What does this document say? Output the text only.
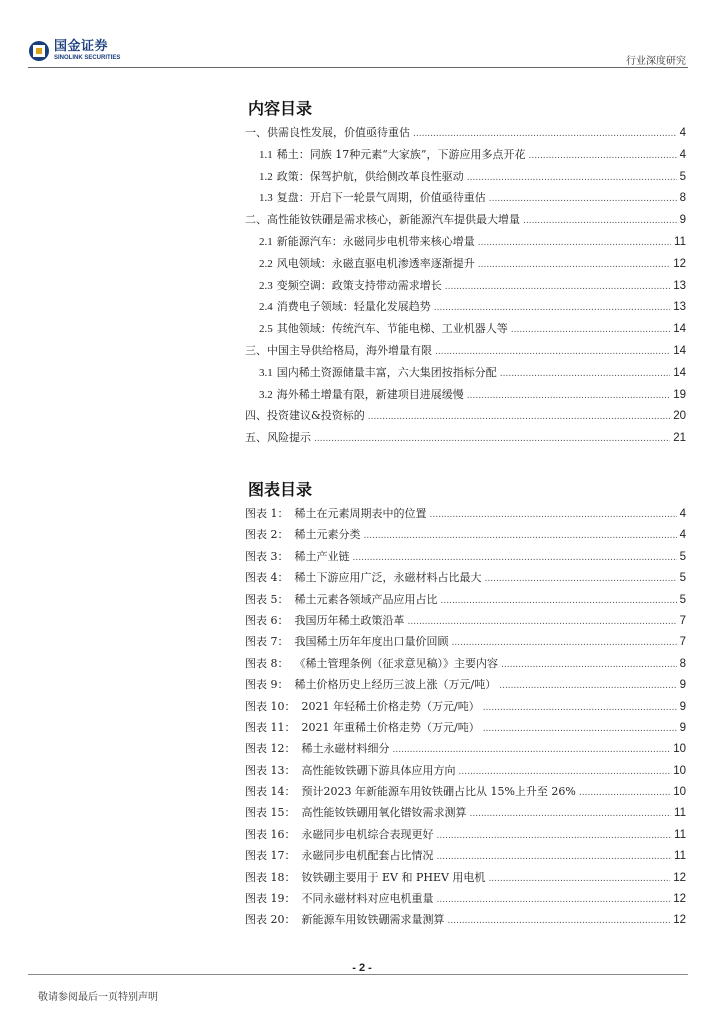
国金证券
SINOLINK SECURITIES	行业深度研究
内容目录
一、供需良性发展，价值亟待重估 .....	4
1.1 稀土：同族 17种元素“大家族”，下游应用多点开花 .....	4
1.2 政策：保驾护航，供给侧改革良性驱动 .....	5
1.3 复盘：开启下一轮景气周期，价值亟待重估 .....	8
二、高性能钕铁硼是需求核心，新能源汽车提供最大增量 .....	9
2.1 新能源汽车：永磁同步电机带来核心增量 .....	11
2.2 风电领域：永磁直驱电机渗透率逐渐提升 .....	12
2.3 变频空调：政策支持带动需求增长 .....	13
2.4 消费电子领域：轻量化发展趋势 .....	13
2.5 其他领域：传统汽车、节能电梯、工业机器人等 .....	14
三、中国主导供给格局，海外增量有限 .....	14
3.1 国内稀土资源储量丰富，六大集团按指标分配 .....	14
3.2 海外稀土增量有限，新建项目进展缓慢 .....	19
四、投资建议&投资标的 .....	20
五、风险提示 .....	21
图表目录
图表 1： 稀土在元素周期表中的位置 .....	4
图表 2： 稀土元素分类 .....	4
图表 3： 稀土产业链 .....	5
图表 4： 稀土下游应用广泛，永磁材料占比最大 .....	5
图表 5： 稀土元素各领域产品应用占比 .....	5
图表 6： 我国历年稀土政策沿革 .....	7
图表 7： 我国稀土历年年度出口量价回顾 .....	7
图表 8： 《稀土管理条例（征求意见稿）》主要内容 .....	8
图表 9： 稀土价格历史上经历三波上涨（万元/吨） .....	9
图表 10： 2021 年轻稀土价格走势（万元/吨） .....	9
图表 11： 2021 年重稀土价格走势（万元/吨） .....	9
图表 12： 稀土永磁材料细分 .....	10
图表 13： 高性能钕铁硼下游具体应用方向 .....	10
图表 14： 预计2023 年新能源车用钕铁硼占比从 15%上升至 26% .....	10
图表 15： 高性能钕铁硼用氧化镨钕需求测算 .....	11
图表 16： 永磁同步电机综合表现更好 .....	11
图表 17： 永磁同步电机配套占比情况 .....	11
图表 18： 钕铁硼主要用于 EV 和 PHEV 用电机 .....	12
图表 19： 不同永磁材料对应电机重量 .....	12
图表 20： 新能源车用钕铁硼需求量测算 .....	12
- 2 -
敬请参阅最后一页特别声明
